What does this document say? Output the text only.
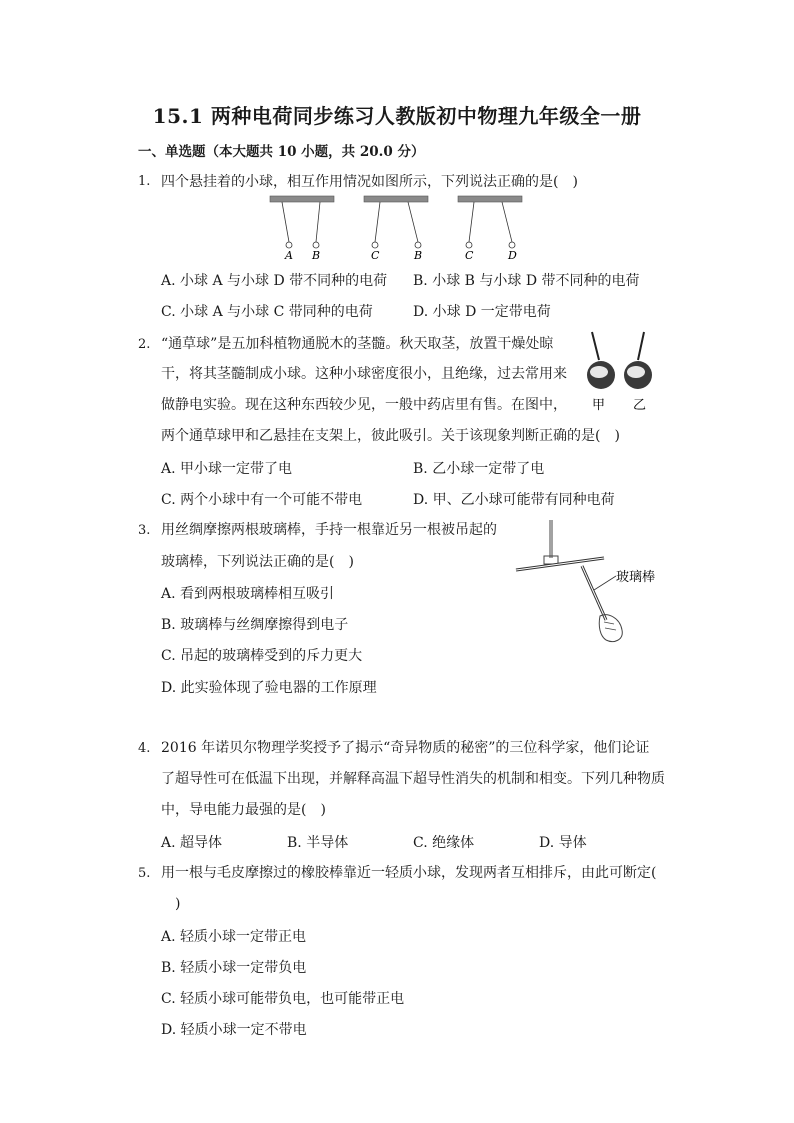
15.1 两种电荷同步练习人教版初中物理九年级全一册
一、单选题（本大题共 10 小题，共 20.0 分）
1. 四个悬挂着的小球，相互作用情况如图所示，下列说法正确的是(　)
A B	C	B	C	D
A. 小球 A 与小球 D 带不同种的电荷 B. 小球 B 与小球 D 带不同种的电荷
C. 小球 A 与小球 C 带同种的电荷	D. 小球 D 一定带电荷
2. “通草球”是五加科植物通脱木的茎髓。秋天取茎，放置干燥处晾
干，将其茎髓制成小球。这种小球密度很小，且绝缘，过去常用来
做静电实验。现在这种东西较少见，一般中药店里有售。在图中，
两个通草球甲和乙悬挂在支架上，彼此吸引。关于该现象判断正确的是(　)
甲 乙
A. 甲小球一定带了电	B. 乙小球一定带了电
C. 两个小球中有一个可能不带电	D. 甲、乙小球可能带有同种电荷
3. 用丝绸摩擦两根玻璃棒，手持一根靠近另一根被吊起的
玻璃棒，下列说法正确的是(　)
玻璃棒
A. 看到两根玻璃棒相互吸引
B. 玻璃棒与丝绸摩擦得到电子
C. 吊起的玻璃棒受到的斥力更大
D. 此实验体现了验电器的工作原理
4. 2016 年诺贝尔物理学奖授予了揭示“奇异物质的秘密”的三位科学家，他们论证
了超导性可在低温下出现，并解释高温下超导性消失的机制和相变。下列几种物质
中，导电能力最强的是(　)
A. 超导体	B. 半导体	C. 绝缘体	D. 导体
5. 用一根与毛皮摩擦过的橡胶棒靠近一轻质小球，发现两者互相排斥，由此可断定(
　)
A. 轻质小球一定带正电
B. 轻质小球一定带负电
C. 轻质小球可能带负电，也可能带正电
D. 轻质小球一定不带电
